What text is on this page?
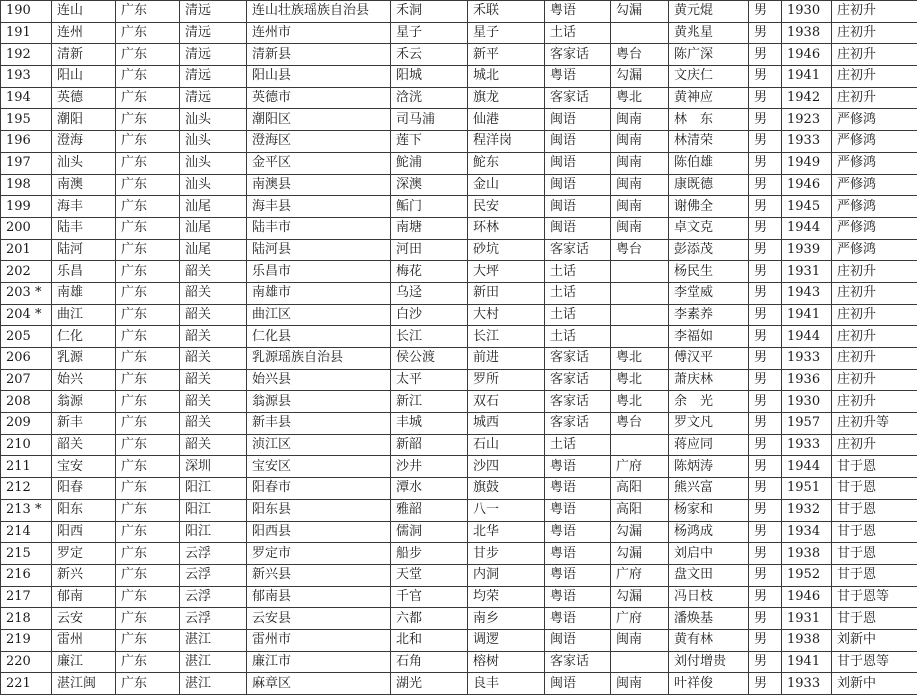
190	连山	广东	清远	连山壮族瑶族自治县	禾洞	禾联	粤语	勾漏	黄元焜	男	1930	庄初升
191	连州	广东	清远	连州市	星子	星子	土话		黄兆星	男	1938	庄初升
192	清新	广东	清远	清新县	禾云	新平	客家话	粤台	陈广深	男	1946	庄初升
193	阳山	广东	清远	阳山县	阳城	城北	粤语	勾漏	文庆仁	男	1941	庄初升
194	英德	广东	清远	英德市	浛洸	旗龙	客家话	粤北	黄神应	男	1942	庄初升
195	潮阳	广东	汕头	潮阳区	司马浦	仙港	闽语	闽南	林　东	男	1923	严修鸿
196	澄海	广东	汕头	澄海区	莲下	程洋岗	闽语	闽南	林清荣	男	1933	严修鸿
197	汕头	广东	汕头	金平区	鮀浦	鮀东	闽语	闽南	陈伯雄	男	1949	严修鸿
198	南澳	广东	汕头	南澳县	深澳	金山	闽语	闽南	康既德	男	1946	严修鸿
199	海丰	广东	汕尾	海丰县	鲘门	民安	闽语	闽南	谢佛全	男	1945	严修鸿
200	陆丰	广东	汕尾	陆丰市	南塘	环林	闽语	闽南	卓文克	男	1944	严修鸿
201	陆河	广东	汕尾	陆河县	河田	砂坑	客家话	粤台	彭添茂	男	1939	严修鸿
202	乐昌	广东	韶关	乐昌市	梅花	大坪	土话		杨民生	男	1931	庄初升
203 *	南雄	广东	韶关	南雄市	乌迳	新田	土话		李堂威	男	1943	庄初升
204 *	曲江	广东	韶关	曲江区	白沙	大村	土话		李素养	男	1941	庄初升
205	仁化	广东	韶关	仁化县	长江	长江	土话		李福如	男	1944	庄初升
206	乳源	广东	韶关	乳源瑶族自治县	侯公渡	前进	客家话	粤北	傅汉平	男	1933	庄初升
207	始兴	广东	韶关	始兴县	太平	罗所	客家话	粤北	萧庆林	男	1936	庄初升
208	翁源	广东	韶关	翁源县	新江	双石	客家话	粤北	余　光	男	1930	庄初升
209	新丰	广东	韶关	新丰县	丰城	城西	客家话	粤台	罗文凡	男	1957	庄初升等
210	韶关	广东	韶关	浈江区	新韶	石山	土话		蒋应同	男	1933	庄初升
211	宝安	广东	深圳	宝安区	沙井	沙四	粤语	广府	陈炳涛	男	1944	甘于恩
212	阳春	广东	阳江	阳春市	潭水	旗鼓	粤语	高阳	熊兴富	男	1951	甘于恩
213 *	阳东	广东	阳江	阳东县	雅韶	八一	粤语	高阳	杨家和	男	1932	甘于恩
214	阳西	广东	阳江	阳西县	儒洞	北华	粤语	勾漏	杨鸿成	男	1934	甘于恩
215	罗定	广东	云浮	罗定市	船步	甘步	粤语	勾漏	刘启中	男	1938	甘于恩
216	新兴	广东	云浮	新兴县	天堂	内洞	粤语	广府	盘文田	男	1952	甘于恩
217	郁南	广东	云浮	郁南县	千官	均荣	粤语	勾漏	冯日枝	男	1946	甘于恩等
218	云安	广东	云浮	云安县	六都	南乡	粤语	广府	潘焕基	男	1931	甘于恩
219	雷州	广东	湛江	雷州市	北和	调逻	闽语	闽南	黄有林	男	1938	刘新中
220	廉江	广东	湛江	廉江市	石角	榕树	客家话		刘付增贵	男	1941	甘于恩等
221	湛江闽	广东	湛江	麻章区	湖光	良丰	闽语	闽南	叶祥俊	男	1933	刘新中
